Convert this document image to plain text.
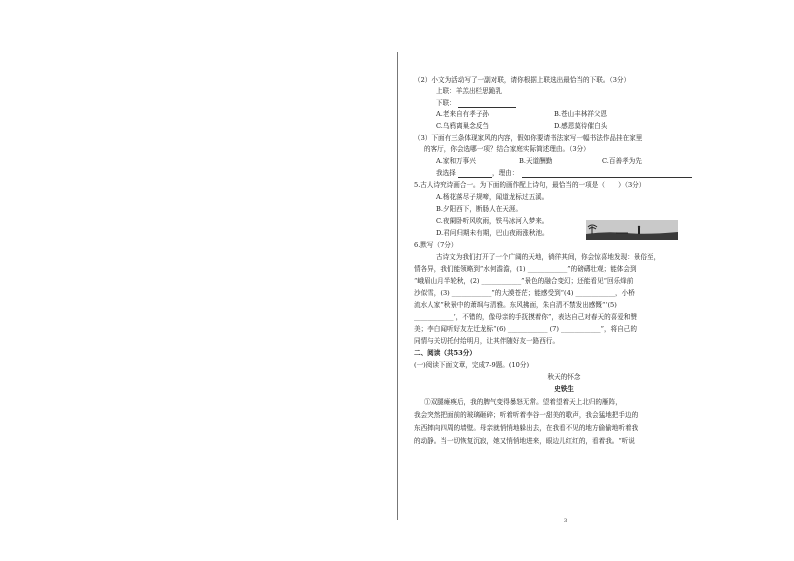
（2）小文为活动写了一副对联，请你根据上联选出最恰当的下联。（3分）
上联：羊羔出栏思跪乳
下联：
A.老来自有孝子孙	B.苍山丰林祥父恩
C.乌鸦离巢念反刍	D.感恩莫待催白头
（3）下面有三条体现家风的内容，假如你要请书法家写一幅书法作品挂在家里
的客厅，你会选哪一项？结合家庭实际简述理由。（3分）
A.家和万事兴	B.天道酬勤	C.百善孝为先
我选择	，理由：
5.古人诗究诗画合一。为下面的画作配上诗句，最恰当的一项是（　　）（3分）
A.杨花落尽子规啼，闻道龙标过五溪。
B.夕阳西下，断肠人在天涯。
C.夜阑卧听风吹雨，铁马冰河入梦来。
D.君问归期未有期，巴山夜雨涨秋池。
6.默写（7分）
古诗文为我们打开了一个广阔的天地，徜徉其间，你会惊喜地发现：景俗至，
情各异，我们能领略到“水何澹澹，(1) ____________”的磅礴壮观；能体会到
“峨眉山月半轮秋，(2) ____________”景色的融合变幻；还能看见“回乐烽前
沙似雪，(3) ____________”的大漠苍茫；能感受到“(4) ____________，小桥
流水人家”秋景中的萧飒与清雅。东风拂面，朱自清不禁发出感慨“‘(5)
____________’，不错的，像母亲的手抚摸着你”，表达自己对春天的喜爱和赞
美；李白闻听好友左迁龙标“(6) ____________ (7) ____________”，将自己的
同情与关切托付给明月，让其伴随好友一路西行。
二、阅读（共53分）
(一)阅读下面文章，完成7-9题。(10分)
秋天的怀念
史铁生
①双腿瘫痪后，我的脾气变得暴怒无常。望着望着天上北归的雁阵，
我会突然把面前的玻璃砸碎；听着听着李谷一甜美的歌声，我会猛地把手边的
东西摔向四周的墙壁。母亲就悄悄地躲出去，在我看不见的地方偷偷地听着我
的动静。当一切恢复沉寂，她又悄悄地进来，眼边儿红红的，看着我。“听说
3
